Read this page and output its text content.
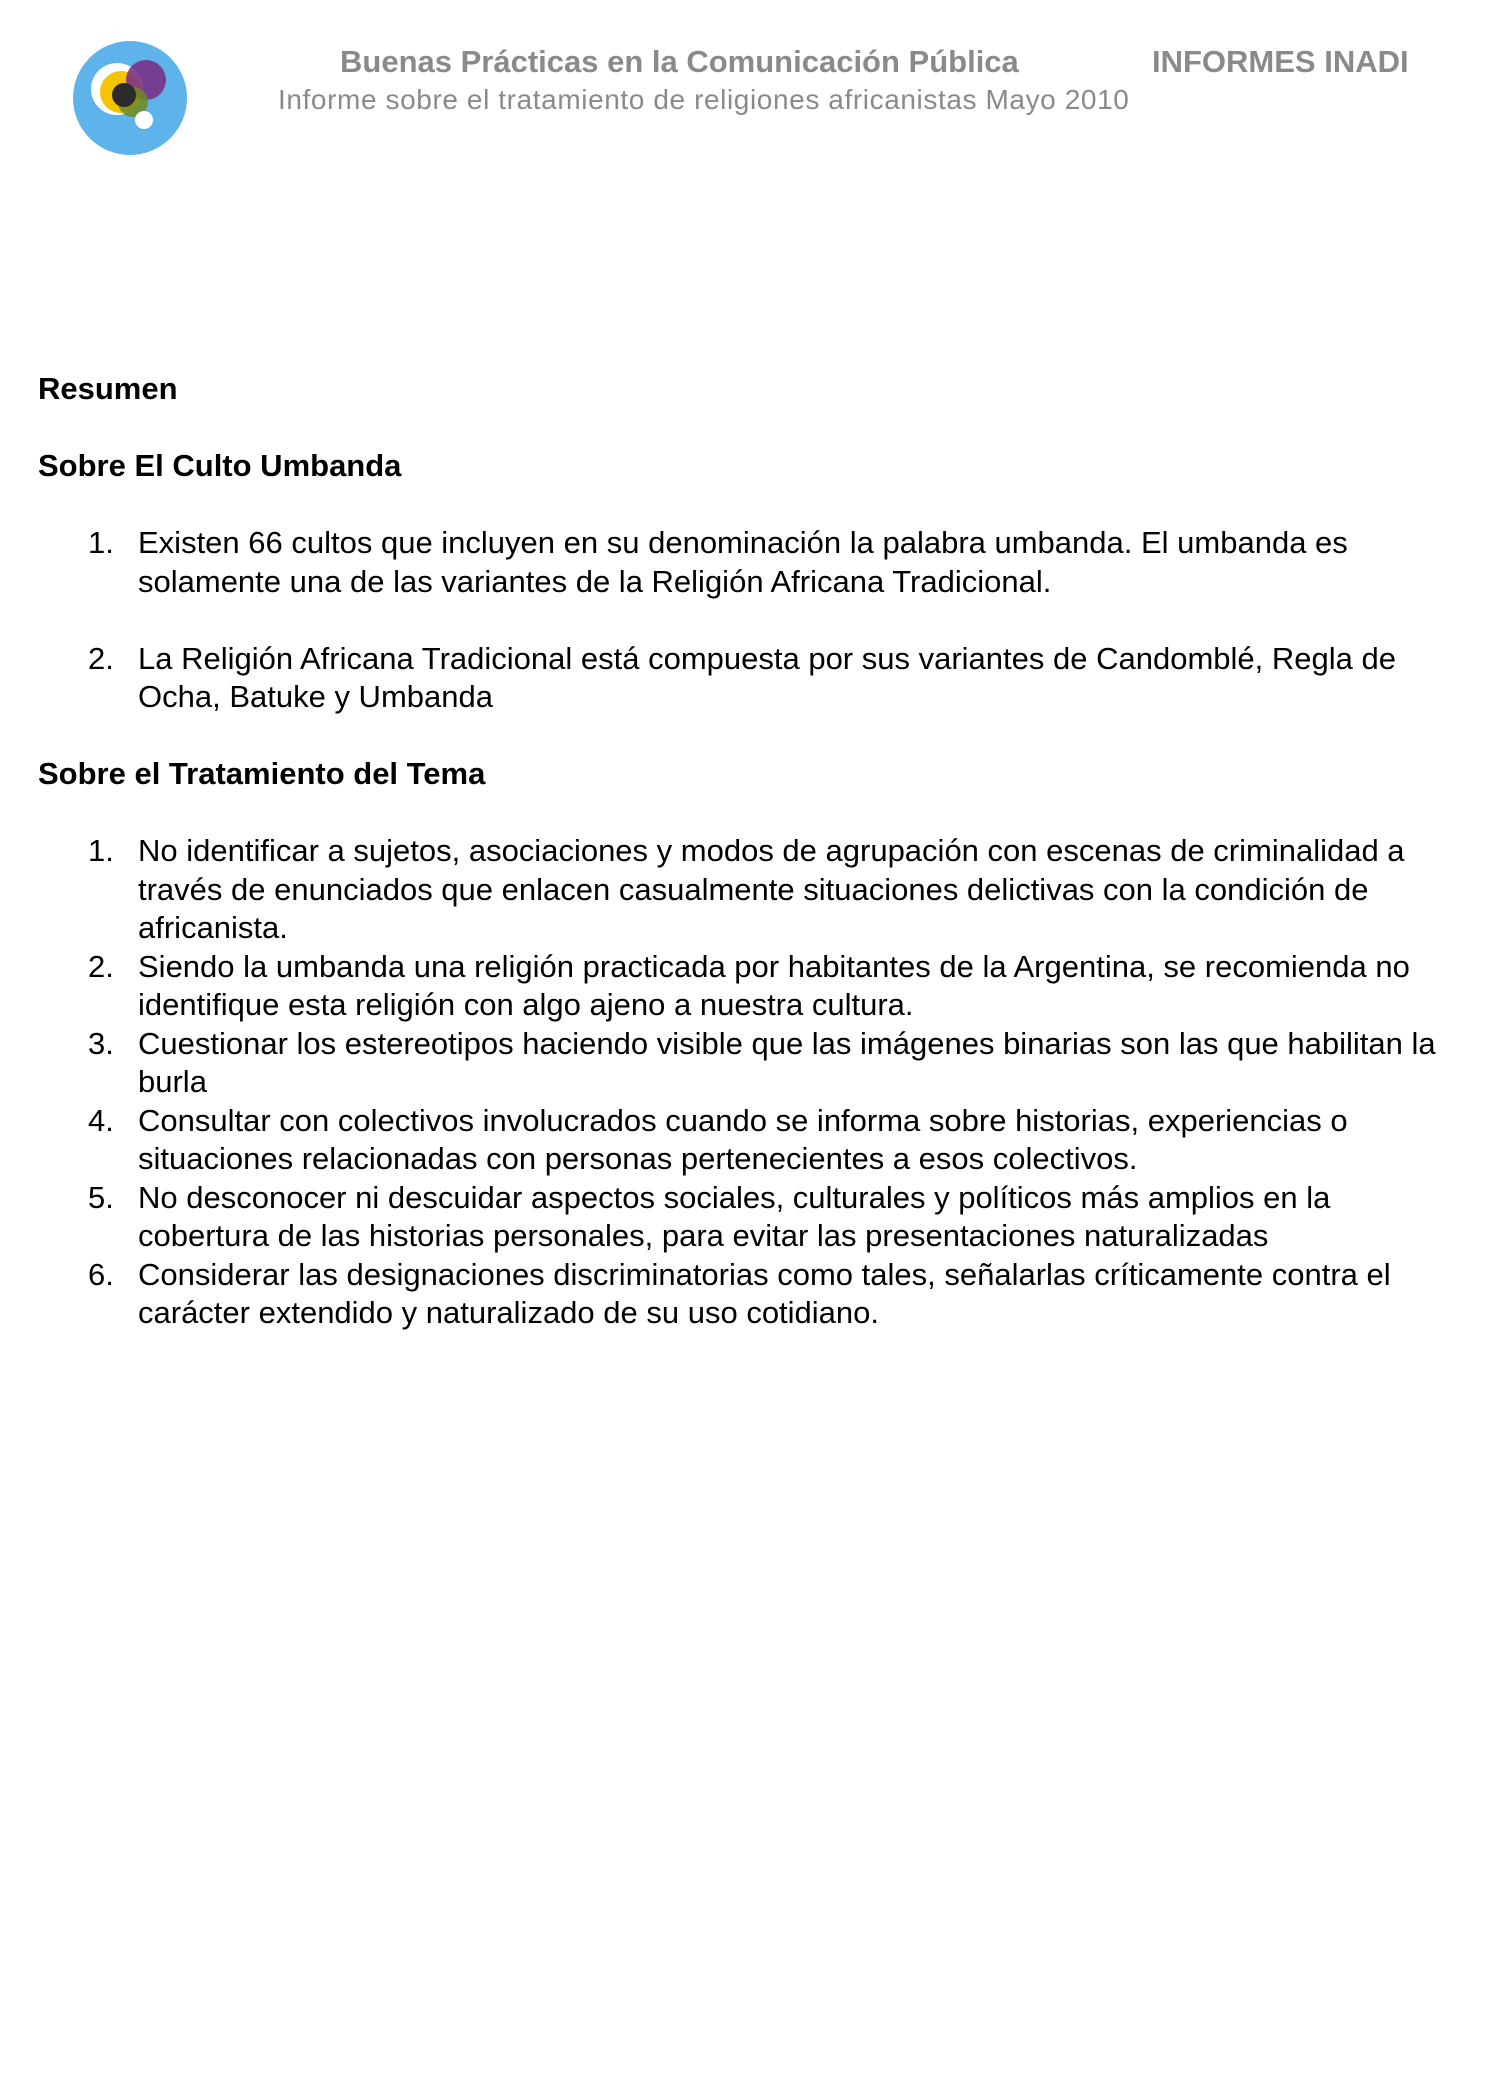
Buenas Prácticas en la Comunicación Pública
Informe sobre el tratamiento de religiones africanistas Mayo 2010
INFORMES INADI

Resumen

Sobre El Culto Umbanda

1. Existen 66 cultos que incluyen en su denominación la palabra umbanda. El umbanda es solamente una de las variantes de la Religión Africana Tradicional.
2. La Religión Africana Tradicional está compuesta por sus variantes de Candomblé, Regla de Ocha, Batuke y Umbanda

Sobre el Tratamiento del Tema

1. No identificar a sujetos, asociaciones y modos de agrupación con escenas de criminalidad a través de enunciados que enlacen casualmente situaciones delictivas con la condición de africanista.
2. Siendo la umbanda una religión practicada por habitantes de la Argentina, se recomienda no identifique esta religión con algo ajeno a nuestra cultura.
3. Cuestionar los estereotipos haciendo visible que las imágenes binarias son las que habilitan la burla
4. Consultar con colectivos involucrados cuando se informa sobre historias, experiencias o situaciones relacionadas con personas pertenecientes a esos colectivos.
5. No desconocer ni descuidar aspectos sociales, culturales y políticos más amplios en la cobertura de las historias personales, para evitar las presentaciones naturalizadas
6. Considerar las designaciones discriminatorias como tales, señalarlas críticamente contra el carácter extendido y naturalizado de su uso cotidiano.
